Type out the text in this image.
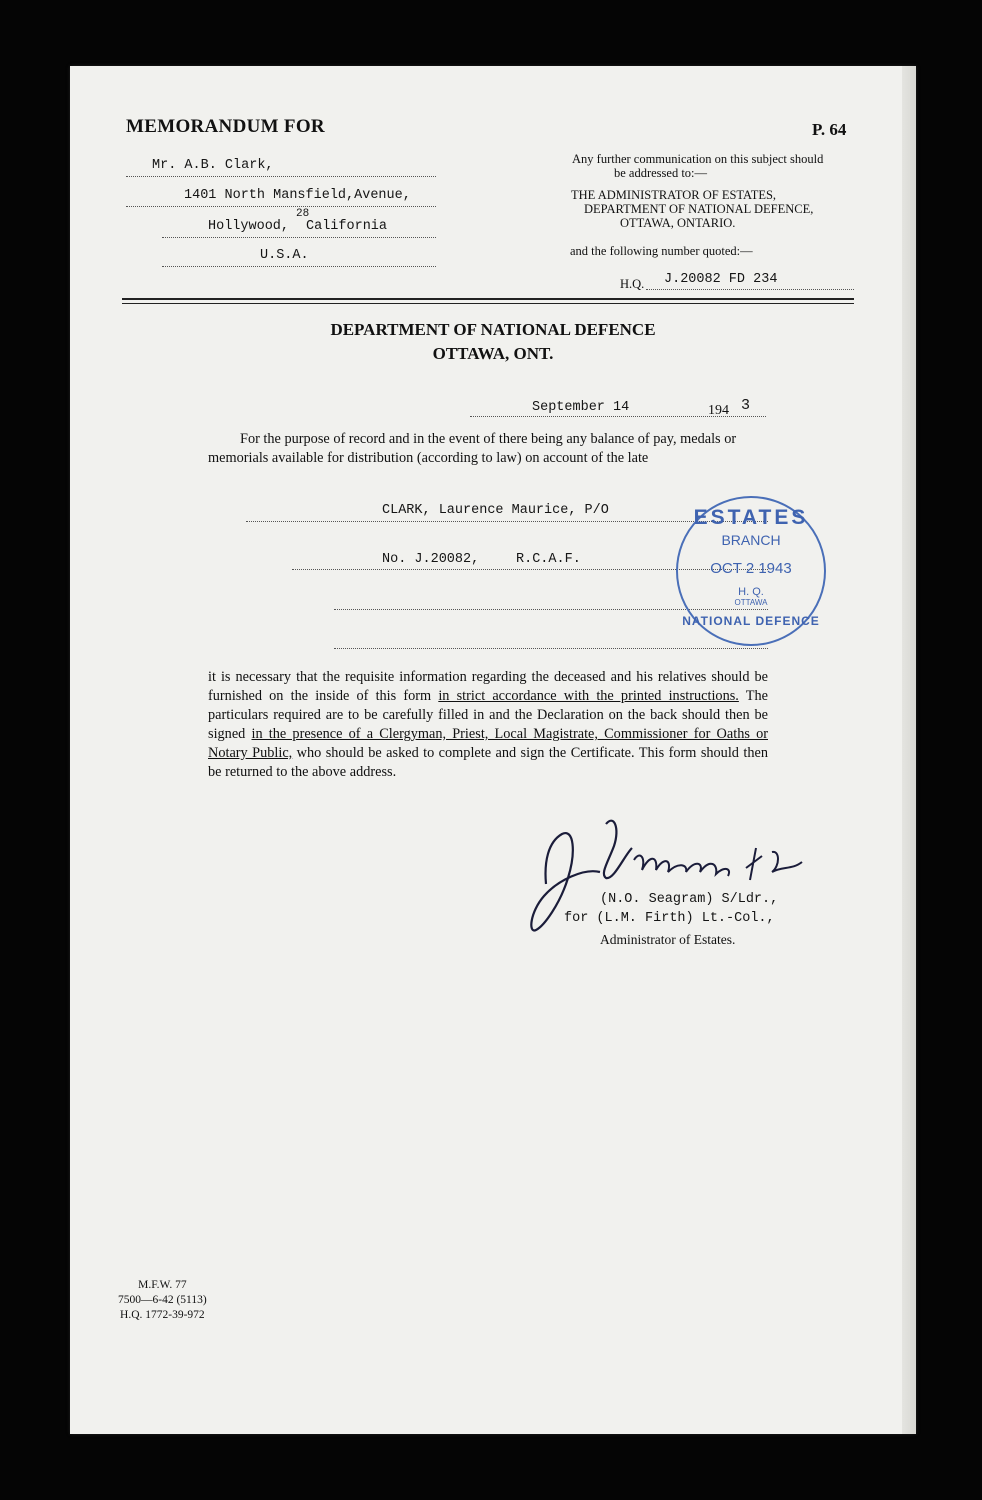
MEMORANDUM FOR	P. 64
Mr. A.B. Clark,
1401 North Mansfield,Avenue,
28
Hollywood, California
U.S.A.
Any further communication on this subject should
be addressed to:—
THE ADMINISTRATOR OF ESTATES,
DEPARTMENT OF NATIONAL DEFENCE,
OTTAWA, ONTARIO.
and the following number quoted:—
H.Q. J.20082 FD 234
DEPARTMENT OF NATIONAL DEFENCE
OTTAWA, ONT.
September 14	194 3
For the purpose of record and in the event of there being any balance of pay, medals or memorials available for distribution (according to law) on account of the late
CLARK, Laurence Maurice, P/O
No. J.20082,	R.C.A.F.
ESTATES
BRANCH
OCT 2 1943
H. Q.
OTTAWA
NATIONAL DEFENCE
it is necessary that the requisite information regarding the deceased and his relatives should be furnished on the inside of this form in strict accordance with the printed instructions. The particulars required are to be carefully filled in and the Declaration on the back should then be signed in the presence of a Clergyman, Priest, Local Magistrate, Commissioner for Oaths or Notary Public, who should be asked to complete and sign the Certificate. This form should then be returned to the above address.
(N.O. Seagram) S/Ldr.,
for (L.M. Firth) Lt.-Col.,
Administrator of Estates.
M.F.W. 77
7500—6-42 (5113)
H.Q. 1772-39-972
